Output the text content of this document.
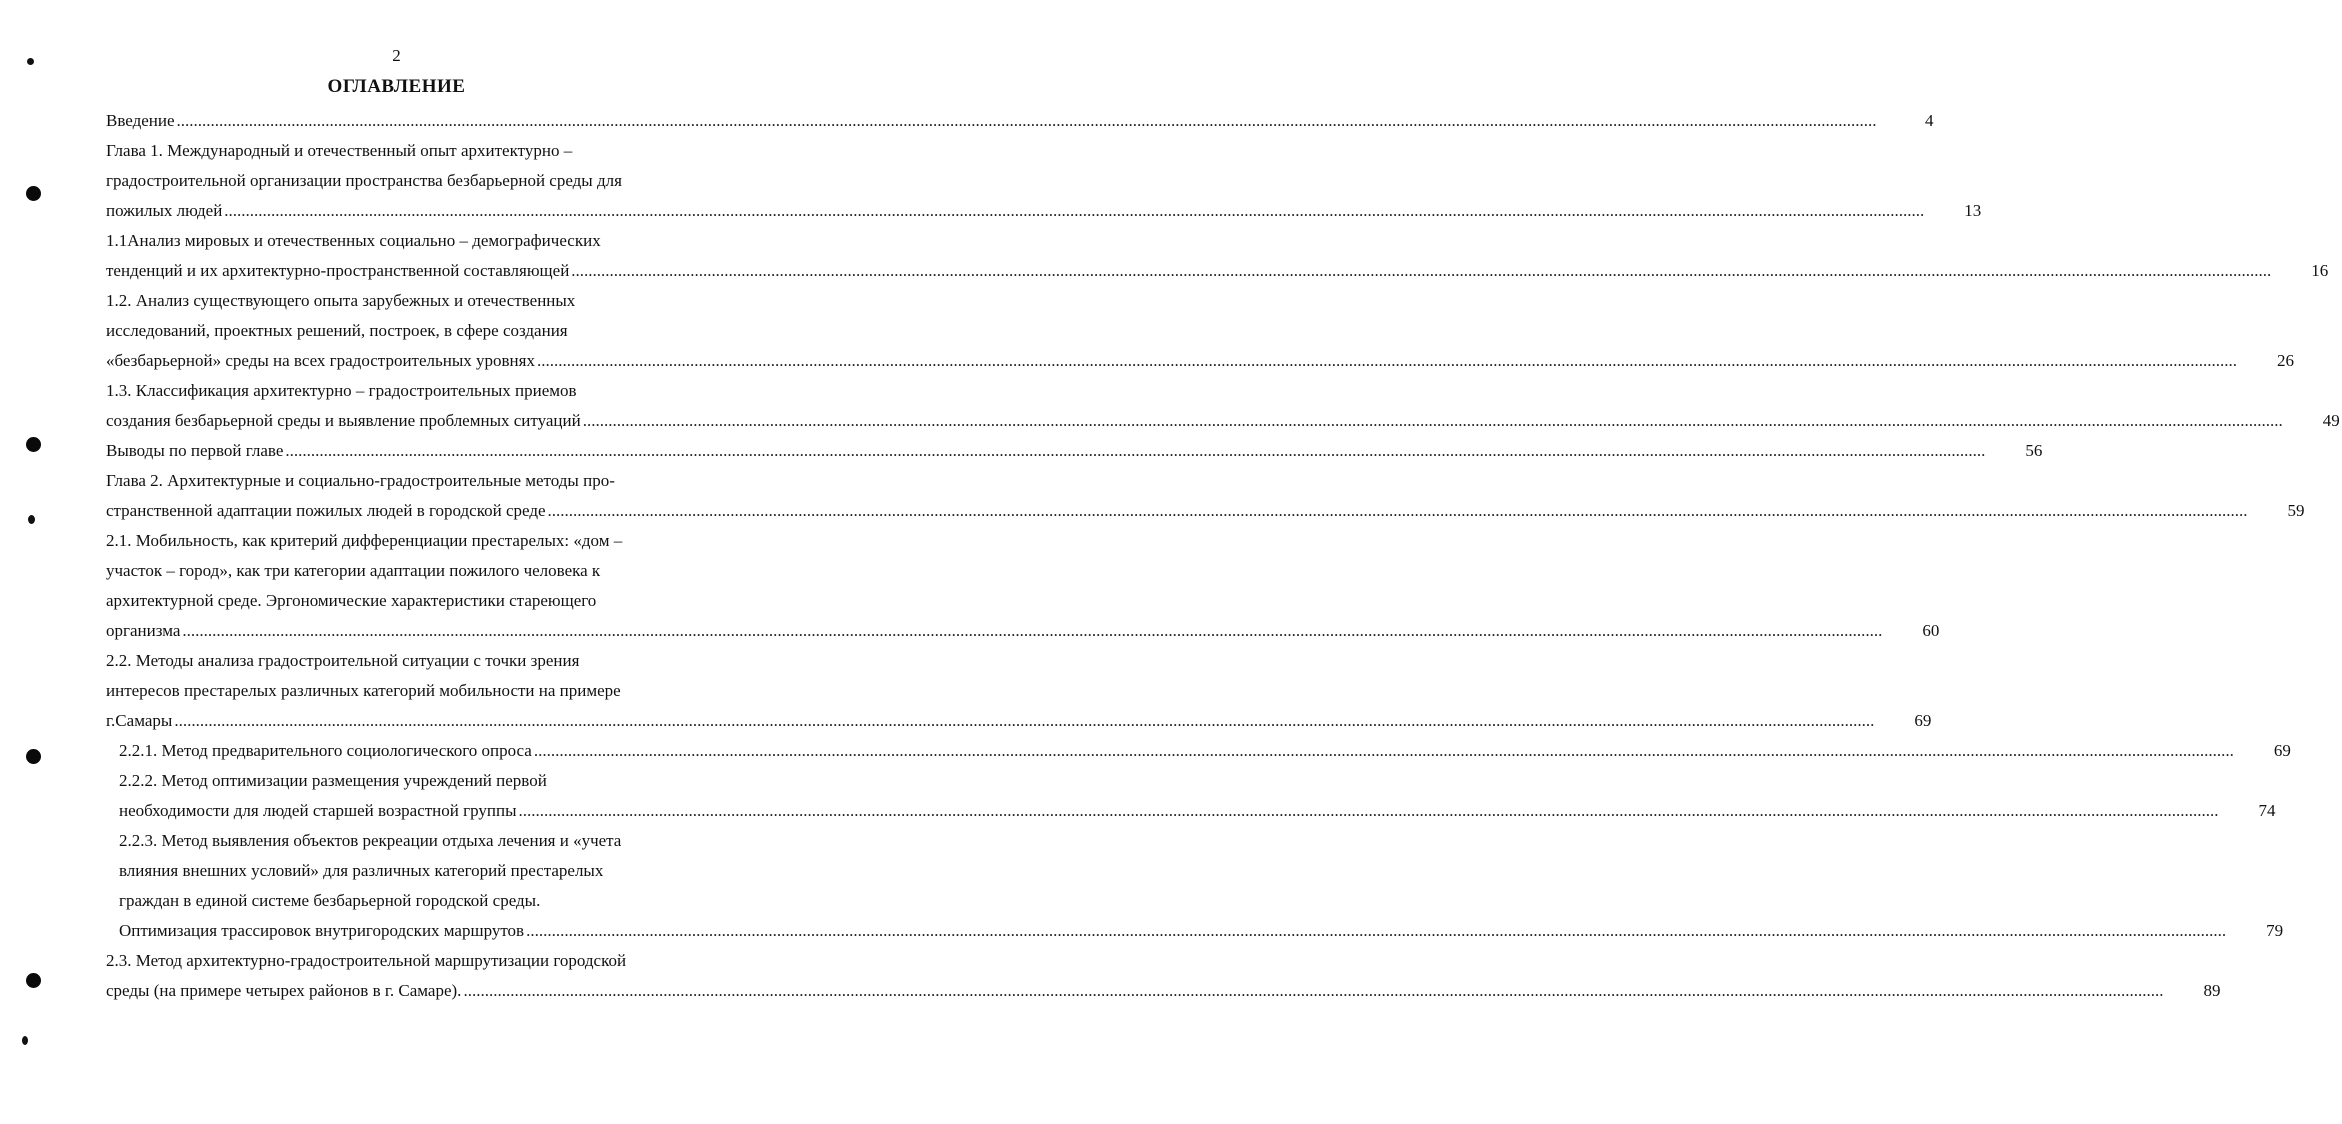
2
ОГЛАВЛЕНИЕ
Введение ................................................................................................................................................................................................................................................................................................................................................................................................................	4
Глава 1. Международный и отечественный опыт архитектурно –
градостроительной организации пространства безбарьерной среды для
пожилых людей ................................................................................................................................................................................................................................................................................................................................................................................................................	13
1.1Анализ мировых и отечественных социально – демографических
тенденций и их архитектурно-пространственной составляющей ................................................................................................................................................................................................................................................................................................................................................................................................................	16
1.2. Анализ существующего опыта зарубежных и отечественных
исследований, проектных решений, построек, в сфере создания
«безбарьерной» среды на всех градостроительных уровнях ................................................................................................................................................................................................................................................................................................................................................................................................................	26
1.3. Классификация архитектурно – градостроительных приемов
создания безбарьерной среды и выявление проблемных ситуаций ................................................................................................................................................................................................................................................................................................................................................................................................................	49
Выводы по первой главе ................................................................................................................................................................................................................................................................................................................................................................................................................	56
Глава 2. Архитектурные и социально-градостроительные методы про-
странственной адаптации пожилых людей в городской среде ................................................................................................................................................................................................................................................................................................................................................................................................................	59
2.1. Мобильность, как критерий дифференциации престарелых: «дом –
участок – город», как три категории адаптации пожилого человека к
архитектурной среде. Эргономические характеристики стареющего
организма ................................................................................................................................................................................................................................................................................................................................................................................................................	60
2.2. Методы анализа градостроительной ситуации с точки зрения
интересов престарелых различных категорий мобильности на примере
г.Самары ................................................................................................................................................................................................................................................................................................................................................................................................................	69
2.2.1. Метод предварительного социологического опроса ................................................................................................................................................................................................................................................................................................................................................................................................................	69
2.2.2. Метод оптимизации размещения учреждений первой
необходимости для людей старшей возрастной группы ................................................................................................................................................................................................................................................................................................................................................................................................................	74
2.2.3. Метод выявления объектов рекреации отдыха лечения и «учета
влияния внешних условий» для различных категорий престарелых
граждан в единой системе безбарьерной городской среды.
Оптимизация трассировок внутригородских маршрутов ................................................................................................................................................................................................................................................................................................................................................................................................................	79
2.3. Метод архитектурно-градостроительной маршрутизации городской
среды (на примере четырех районов в г. Самаре). ................................................................................................................................................................................................................................................................................................................................................................................................................	89
